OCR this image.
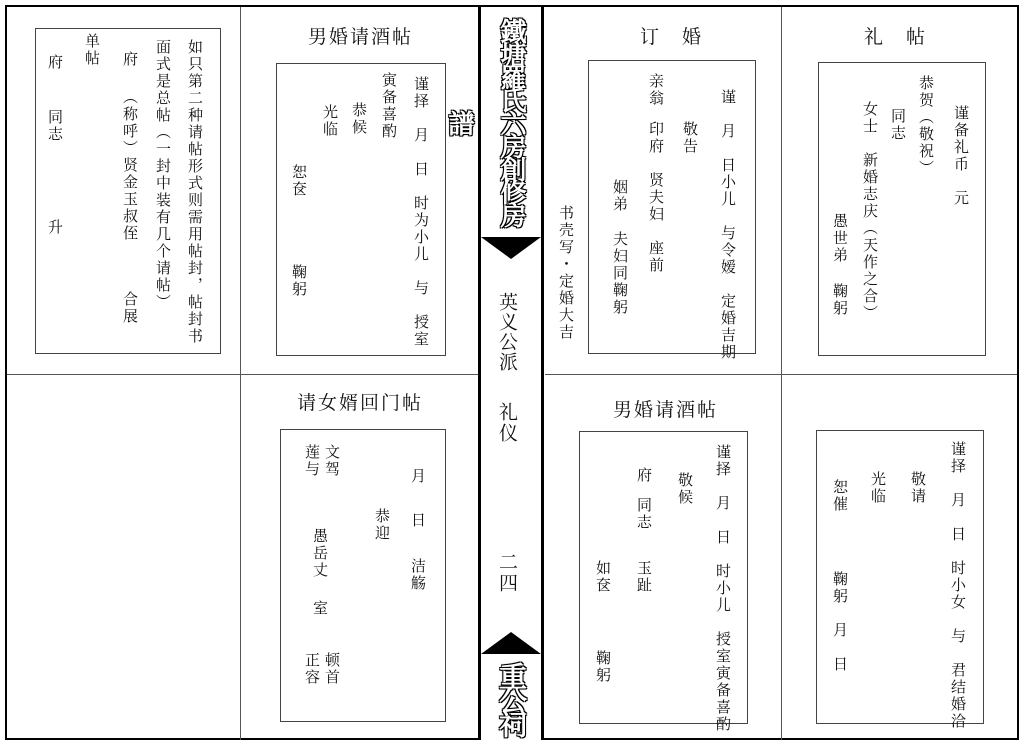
鐵塘羅氏六房創修房譜
英义公派
礼仪
二四
重公祠
如只第二种请帖形式则需用帖封，帖封书
面式是总帖（一封中装有几个请帖）
府
（称呼）贤金玉叔侄
合展
单帖
府
同志
升
男婚请酒帖
谨择　月　日　时为小儿　与　授室
寅备喜酌
恭候
光临
恕奁
鞠躬
订　婚
谨　月　日小儿　与令嫒　定婚吉期
敬告
亲翁
印府　贤夫妇　座前
姻弟
夫妇同鞠躬
书壳写・定婚大吉
礼　帖
谨备礼币　元
恭贺（敬祝）
同志
女士　新婚志庆（天作之合）
愚世弟
鞠躬
请女婿回门帖
月
日
洁觞
恭迎
文驾
莲与
愚岳丈
室
顿首
正容
男婚请酒帖
谨择　月　日　时小儿　授室寅备喜酌
敬候
府
同志
玉趾
如奁
鞠躬	谨择　月　日　时小女　与　君结婚洽
敬请
光临
恕催
鞠躬　月　日
